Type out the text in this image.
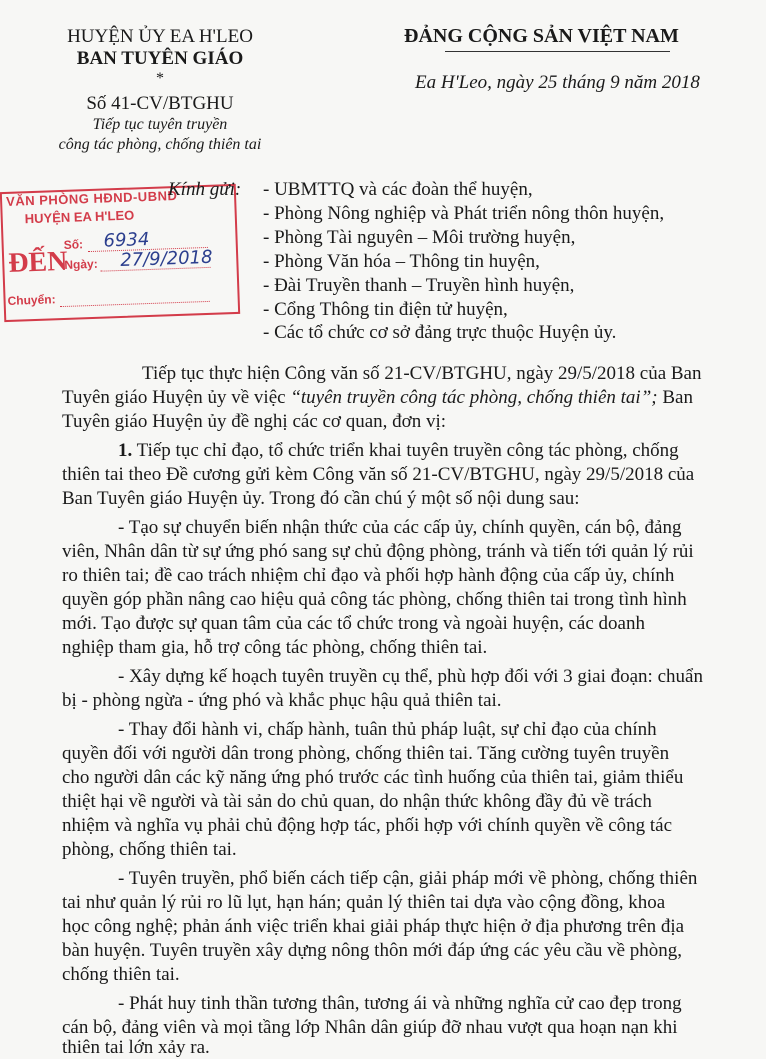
HUYỆN ỦY EA H'LEO
BAN TUYÊN GIÁO
*
Số 41-CV/BTGHU
Tiếp tục tuyên truyền
công tác phòng, chống thiên tai
ĐẢNG CỘNG SẢN VIỆT NAM
Ea H'Leo, ngày 25 tháng 9 năm 2018
VĂN PHÒNG HĐND-UBND
HUYỆN EA H'LEO
ĐẾN
Số: 6934
Ngày: 27/9/2018
Chuyển:
Kính gửi: - UBMTTQ và các đoàn thể huyện,
- Phòng Nông nghiệp và Phát triển nông thôn huyện,
- Phòng Tài nguyên – Môi trường huyện,
- Phòng Văn hóa – Thông tin huyện,
- Đài Truyền thanh – Truyền hình huyện,
- Cổng Thông tin điện tử huyện,
- Các tổ chức cơ sở đảng trực thuộc Huyện ủy.
Tiếp tục thực hiện Công văn số 21-CV/BTGHU, ngày 29/5/2018 của Ban
Tuyên giáo Huyện ủy về việc “tuyên truyền công tác phòng, chống thiên tai”; Ban
Tuyên giáo Huyện ủy đề nghị các cơ quan, đơn vị:
1. Tiếp tục chỉ đạo, tổ chức triển khai tuyên truyền công tác phòng, chống
thiên tai theo Đề cương gửi kèm Công văn số 21-CV/BTGHU, ngày 29/5/2018 của
Ban Tuyên giáo Huyện ủy. Trong đó cần chú ý một số nội dung sau:
- Tạo sự chuyển biến nhận thức của các cấp ủy, chính quyền, cán bộ, đảng
viên, Nhân dân từ sự ứng phó sang sự chủ động phòng, tránh và tiến tới quản lý rủi
ro thiên tai; đề cao trách nhiệm chỉ đạo và phối hợp hành động của cấp ủy, chính
quyền góp phần nâng cao hiệu quả công tác phòng, chống thiên tai trong tình hình
mới. Tạo được sự quan tâm của các tổ chức trong và ngoài huyện, các doanh
nghiệp tham gia, hỗ trợ công tác phòng, chống thiên tai.
- Xây dựng kế hoạch tuyên truyền cụ thể, phù hợp đối với 3 giai đoạn: chuẩn
bị - phòng ngừa - ứng phó và khắc phục hậu quả thiên tai.
- Thay đổi hành vi, chấp hành, tuân thủ pháp luật, sự chỉ đạo của chính
quyền đối với người dân trong phòng, chống thiên tai. Tăng cường tuyên truyền
cho người dân các kỹ năng ứng phó trước các tình huống của thiên tai, giảm thiểu
thiệt hại về người và tài sản do chủ quan, do nhận thức không đầy đủ về trách
nhiệm và nghĩa vụ phải chủ động hợp tác, phối hợp với chính quyền về công tác
phòng, chống thiên tai.
- Tuyên truyền, phổ biến cách tiếp cận, giải pháp mới về phòng, chống thiên
tai như quản lý rủi ro lũ lụt, hạn hán; quản lý thiên tai dựa vào cộng đồng, khoa
học công nghệ; phản ánh việc triển khai giải pháp thực hiện ở địa phương trên địa
bàn huyện. Tuyên truyền xây dựng nông thôn mới đáp ứng các yêu cầu về phòng,
chống thiên tai.
- Phát huy tinh thần tương thân, tương ái và những nghĩa cử cao đẹp trong
cán bộ, đảng viên và mọi tầng lớp Nhân dân giúp đỡ nhau vượt qua hoạn nạn khi
thiên tai lớn xảy ra.
